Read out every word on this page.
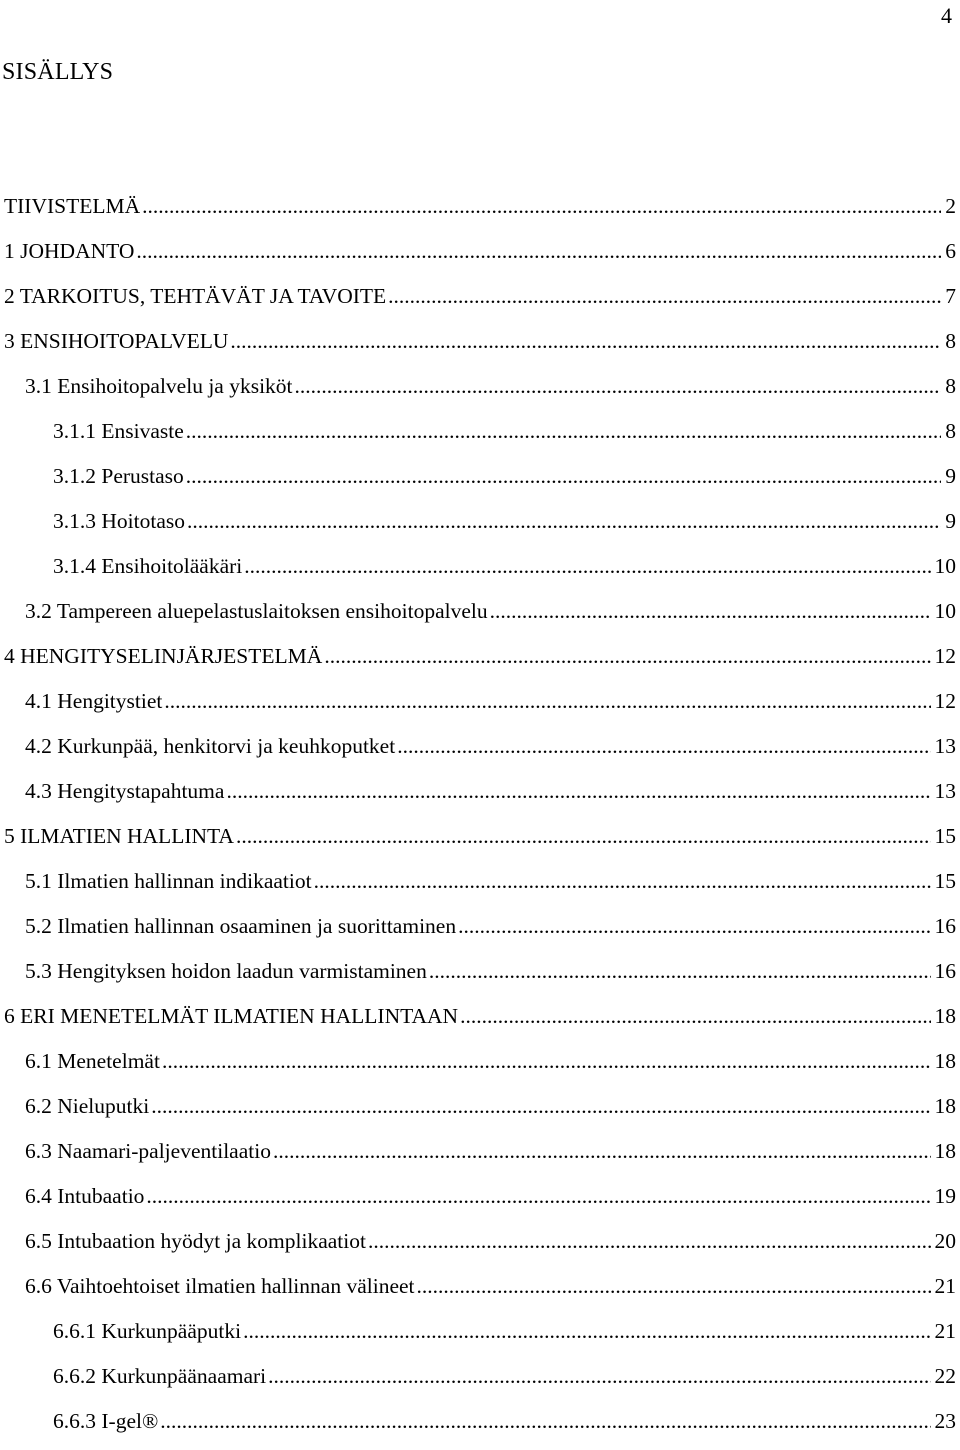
4
SISÄLLYS
TIIVISTELMÄ .....	2
1 JOHDANTO .....	6
2 TARKOITUS, TEHTÄVÄT JA TAVOITE .....	7
3 ENSIHOITOPALVELU .....	8
3.1 Ensihoitopalvelu ja yksiköt .....	8
3.1.1 Ensivaste .....	8
3.1.2 Perustaso .....	9
3.1.3 Hoitotaso .....	9
3.1.4 Ensihoitolääkäri .....	10
3.2 Tampereen aluepelastuslaitoksen ensihoitopalvelu .....	10
4 HENGITYSELINJÄRJESTELMÄ .....	12
4.1 Hengitystiet .....	12
4.2 Kurkunpää, henkitorvi ja keuhkoputket .....	13
4.3 Hengitystapahtuma .....	13
5 ILMATIEN HALLINTA .....	15
5.1 Ilmatien hallinnan indikaatiot .....	15
5.2 Ilmatien hallinnan osaaminen ja suorittaminen .....	16
5.3 Hengityksen hoidon laadun varmistaminen .....	16
6 ERI MENETELMÄT ILMATIEN HALLINTAAN .....	18
6.1 Menetelmät .....	18
6.2 Nieluputki .....	18
6.3 Naamari-paljeventilaatio .....	18
6.4 Intubaatio .....	19
6.5 Intubaation hyödyt ja komplikaatiot .....	20
6.6 Vaihtoehtoiset ilmatien hallinnan välineet .....	21
6.6.1 Kurkunpääputki .....	21
6.6.2 Kurkunpäänaamari .....	22
6.6.3 I-gel® .....	23
